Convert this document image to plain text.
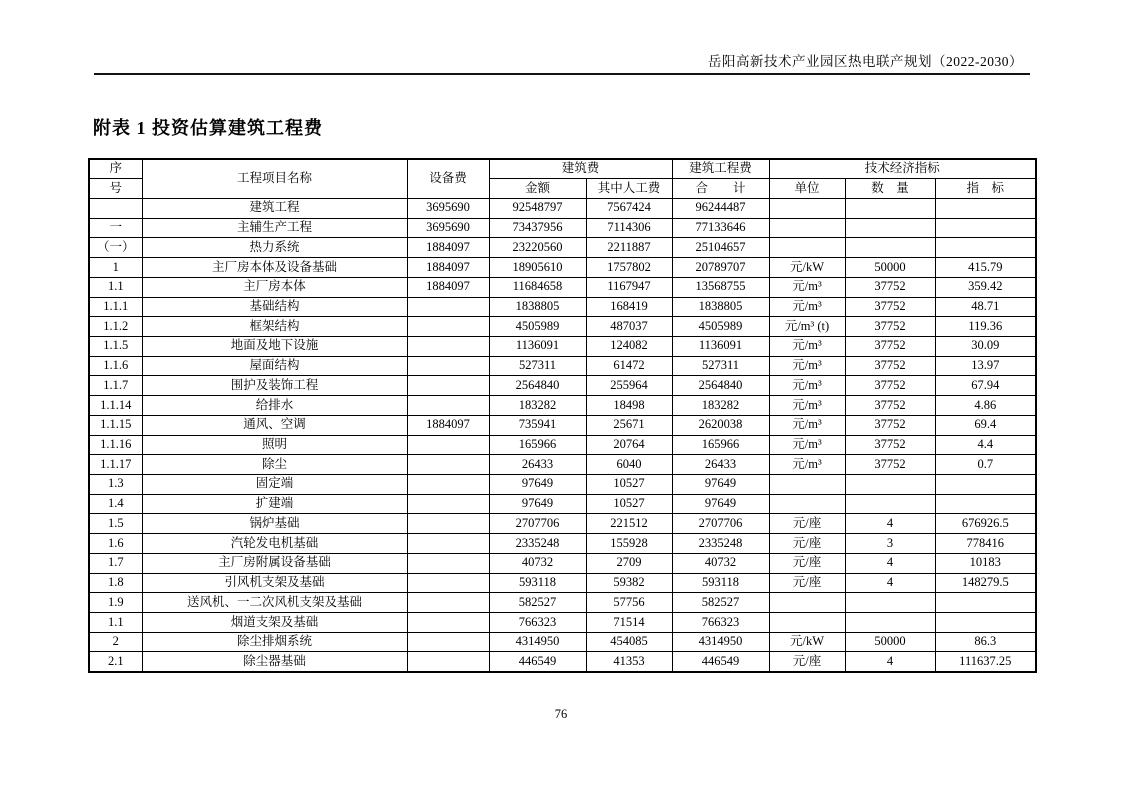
岳阳高新技术产业园区热电联产规划（2022-2030）
附表 1 投资估算建筑工程费
序	工程项目名称	设备费	建筑费		建筑工程费	技术经济指标		
号			金额	其中人工费	合　　计	单位	数　量	指　标
	建筑工程	3695690	92548797	7567424	96244487			
一	主辅生产工程	3695690	73437956	7114306	77133646			
（一）	热力系统	1884097	23220560	2211887	25104657			
1	主厂房本体及设备基础	1884097	18905610	1757802	20789707	元/kW	50000	415.79
1.1	主厂房本体	1884097	11684658	1167947	13568755	元/m³	37752	359.42
1.1.1	基础结构		1838805	168419	1838805	元/m³	37752	48.71
1.1.2	框架结构		4505989	487037	4505989	元/m³ (t)	37752	119.36
1.1.5	地面及地下设施		1136091	124082	1136091	元/m³	37752	30.09
1.1.6	屋面结构		527311	61472	527311	元/m³	37752	13.97
1.1.7	围护及装饰工程		2564840	255964	2564840	元/m³	37752	67.94
1.1.14	给排水		183282	18498	183282	元/m³	37752	4.86
1.1.15	通风、空调	1884097	735941	25671	2620038	元/m³	37752	69.4
1.1.16	照明		165966	20764	165966	元/m³	37752	4.4
1.1.17	除尘		26433	6040	26433	元/m³	37752	0.7
1.3	固定端		97649	10527	97649			
1.4	扩建端		97649	10527	97649			
1.5	锅炉基础		2707706	221512	2707706	元/座	4	676926.5
1.6	汽轮发电机基础		2335248	155928	2335248	元/座	3	778416
1.7	主厂房附属设备基础		40732	2709	40732	元/座	4	10183
1.8	引风机支架及基础		593118	59382	593118	元/座	4	148279.5
1.9	送风机、一二次风机支架及基础		582527	57756	582527			
1.1	烟道支架及基础		766323	71514	766323			
2	除尘排烟系统		4314950	454085	4314950	元/kW	50000	86.3
2.1	除尘器基础		446549	41353	446549	元/座	4	111637.25
76
